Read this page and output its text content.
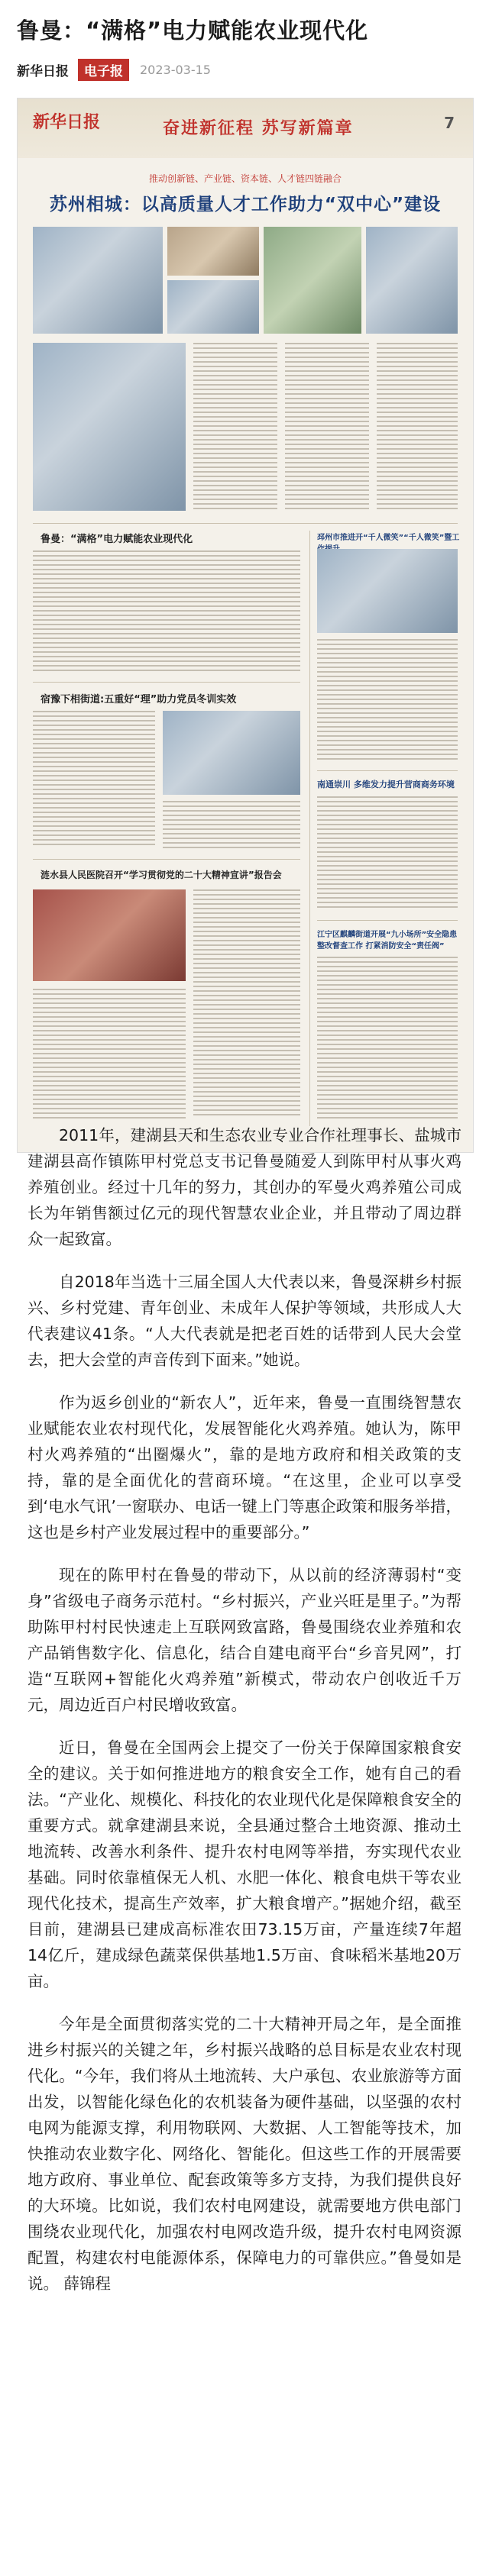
鲁曼：“满格”电力赋能农业现代化
新华日报	电子报	2023-03-15
新华日报	奋进新征程 苏写新篇章	7
推动创新链、产业链、资本链、人才链四链融合
苏州相城：以高质量人才工作助力“双中心”建设
鲁曼：“满格”电力赋能农业现代化
宿豫下相街道:五重好“理”助力党员冬训实效
涟水县人民医院召开“学习贯彻党的二十大精神宣讲”报告会
邳州市推进开“千人微笑”“千人微笑”暨工
南通崇川 多维发力提升营商商务环境
江宁区麒麟街道开展“九小场所”安全隐患整改督查工作 打紧消防安全“责任阀”

2011年，建湖县天和生态农业专业合作社理事长、盐城市建湖县高作镇陈甲村党总支书记鲁曼随爱人到陈甲村从事火鸡养殖创业。经过十几年的努力，其创办的军曼火鸡养殖公司成长为年销售额过亿元的现代智慧农业企业，并且带动了周边群众一起致富。

自2018年当选十三届全国人大代表以来，鲁曼深耕乡村振兴、乡村党建、青年创业、未成年人保护等领域，共形成人大代表建议41条。“人大代表就是把老百姓的话带到人民大会堂去，把大会堂的声音传到下面来。”她说。

作为返乡创业的“新农人”，近年来，鲁曼一直围绕智慧农业赋能农业农村现代化，发展智能化火鸡养殖。她认为，陈甲村火鸡养殖的“出圈爆火”，靠的是地方政府和相关政策的支持，靠的是全面优化的营商环境。“在这里，企业可以享受到‘电水气讯’一窗联办、电话一键上门等惠企政策和服务举措，这也是乡村产业发展过程中的重要部分。”

现在的陈甲村在鲁曼的带动下，从以前的经济薄弱村“变身”省级电子商务示范村。“乡村振兴，产业兴旺是里子。”为帮助陈甲村村民快速走上互联网致富路，鲁曼围绕农业养殖和农产品销售数字化、信息化，结合自建电商平台“乡音旯网”，打造“互联网+智能化火鸡养殖”新模式，带动农户创收近千万元，周边近百户村民增收致富。

近日，鲁曼在全国两会上提交了一份关于保障国家粮食安全的建议。关于如何推进地方的粮食安全工作，她有自己的看法。“产业化、规模化、科技化的农业现代化是保障粮食安全的重要方式。就拿建湖县来说，全县通过整合土地资源、推动土地流转、改善水利条件、提升农村电网等举措，夯实现代农业基础。同时依靠植保无人机、水肥一体化、粮食电烘干等农业现代化技术，提高生产效率，扩大粮食增产。”据她介绍，截至目前，建湖县已建成高标准农田73.15万亩，产量连续7年超14亿斤，建成绿色蔬菜保供基地1.5万亩、食味稻米基地20万亩。

今年是全面贯彻落实党的二十大精神开局之年，是全面推进乡村振兴的关键之年，乡村振兴战略的总目标是农业农村现代化。“今年，我们将从土地流转、大户承包、农业旅游等方面出发，以智能化绿色化的农机装备为硬件基础，以坚强的农村电网为能源支撑，利用物联网、大数据、人工智能等技术，加快推动农业数字化、网络化、智能化。但这些工作的开展需要地方政府、事业单位、配套政策等多方支持，为我们提供良好的大环境。比如说，我们农村电网建设，就需要地方供电部门围绕农业现代化，加强农村电网改造升级，提升农村电网资源配置，构建农村电能源体系，保障电力的可靠供应。”鲁曼如是说。 薛锦程
